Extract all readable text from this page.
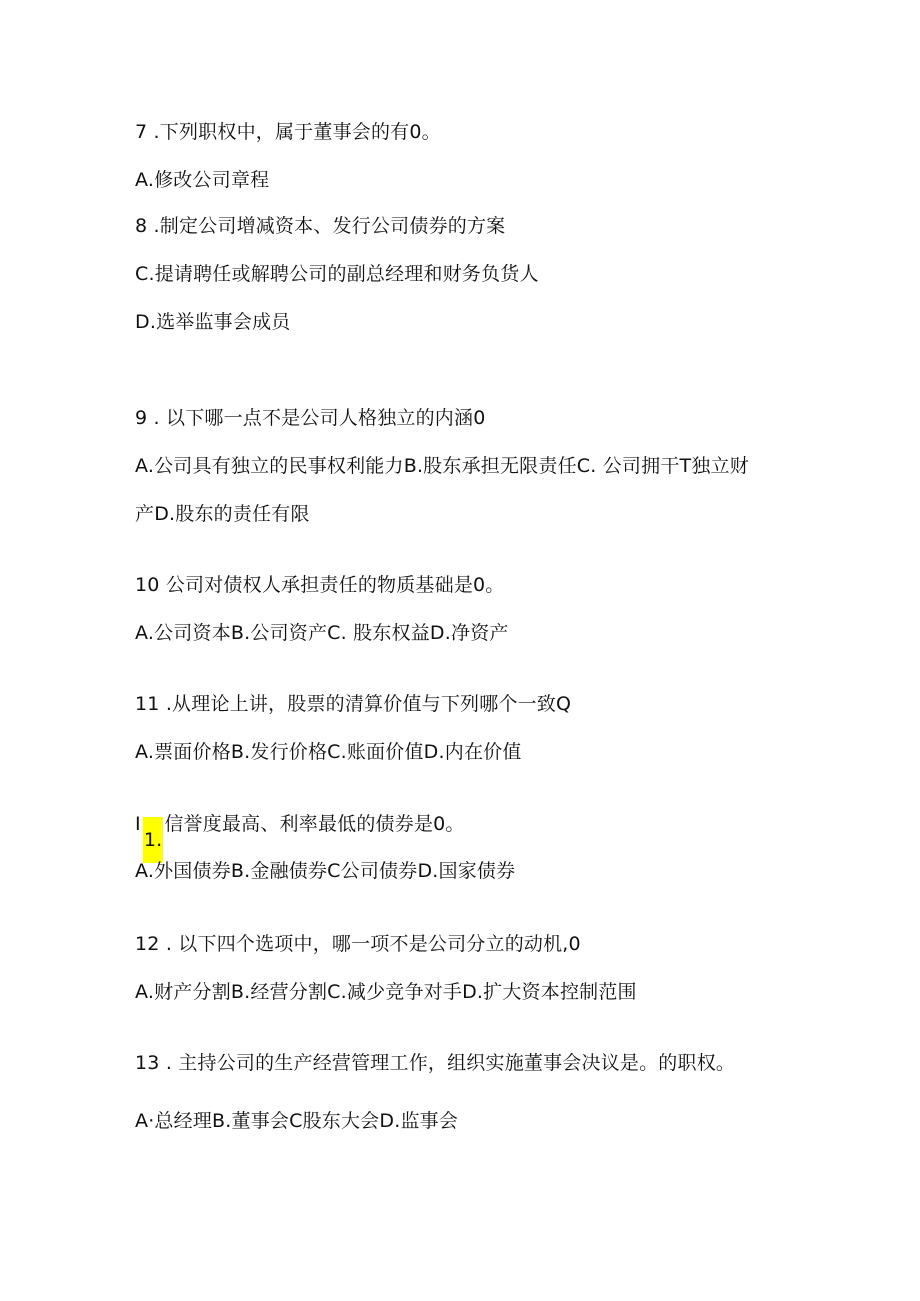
7 .下列职权中，属于董事会的有0。
A.修改公司章程
8 .制定公司增减资本、发行公司债券的方案
C.提请聘任或解聘公司的副总经理和财务负货人
D.选举监事会成员
9 . 以下哪一点不是公司人格独立的内涵0
A.公司具有独立的民事权利能力B.股东承担无限责任C. 公司拥干T独立财
产D.股东的责任有限
10 公司对债权人承担责任的物质基础是0。
A.公司资本B.公司资产C. 股东权益D.净资产
11 .从理论上讲，股票的清算价值与下列哪个一致Q
A.票面价格B.发行价格C.账面价值D.内在价值
I1.信誉度最高、利率最低的债券是0。
A.外国债券B.金融债券C公司债券D.国家债券
12 . 以下四个选项中，哪一项不是公司分立的动机,0
A.财产分割B.经营分割C.减少竞争对手D.扩大资本控制范围
13 . 主持公司的生产经营管理工作，组织实施董事会决议是。的职权。
A·总经理B.董事会C股东大会D.监事会
